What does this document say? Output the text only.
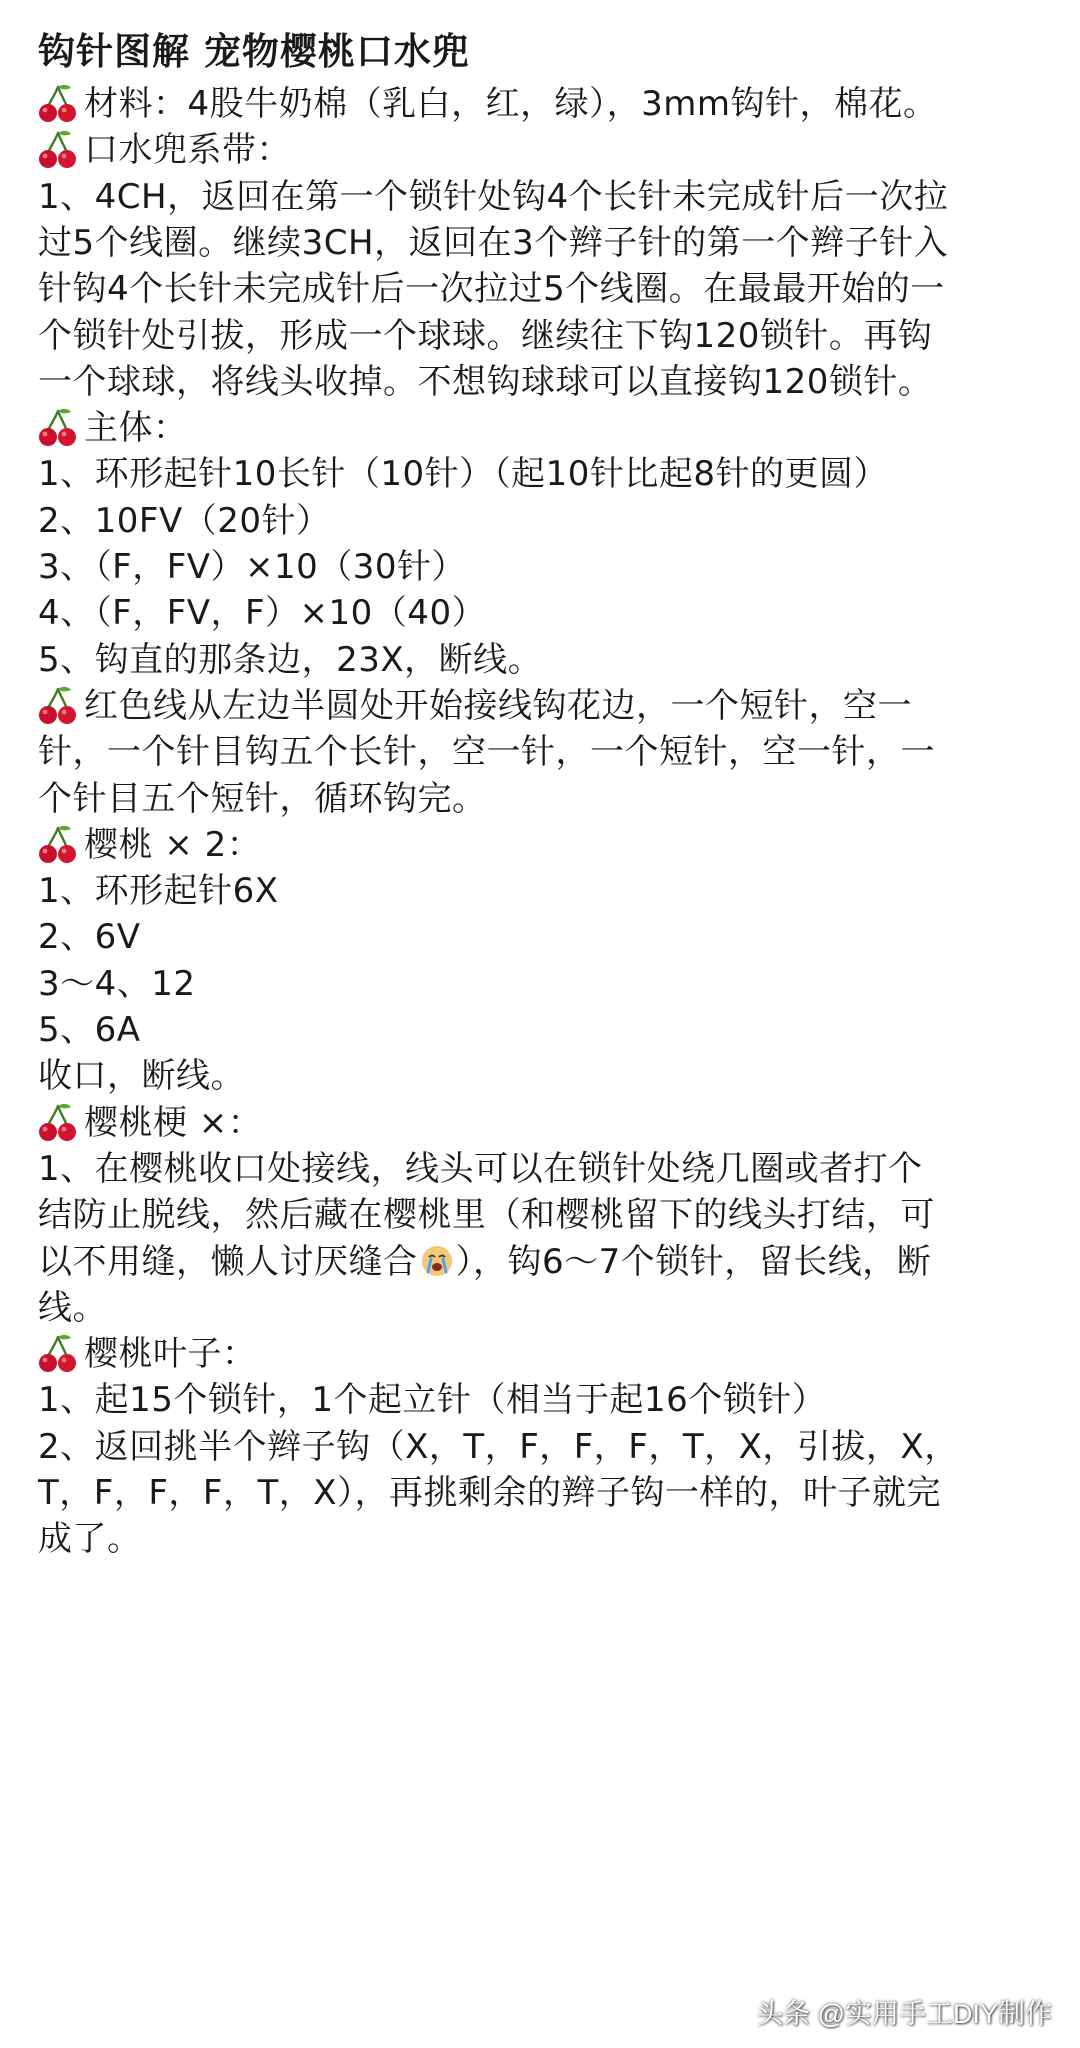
钩针图解 宠物樱桃口水兜
材料：4股牛奶棉（乳白，红，绿），3mm钩针，棉花。
口水兜系带：
1、4CH，返回在第一个锁针处钩4个长针未完成针后一次拉
过5个线圈。继续3CH，返回在3个辫子针的第一个辫子针入
针钩4个长针未完成针后一次拉过5个线圈。在最最开始的一
个锁针处引拔，形成一个球球。继续往下钩120锁针。再钩
一个球球，将线头收掉。不想钩球球可以直接钩120锁针。
主体：
1、环形起针10长针（10针）（起10针比起8针的更圆）
2、10FV（20针）
3、（F，FV）×10（30针）
4、（F，FV，F）×10（40）
5、钩直的那条边，23X，断线。
红色线从左边半圆处开始接线钩花边，一个短针，空一
针，一个针目钩五个长针，空一针，一个短针，空一针，一
个针目五个短针，循环钩完。
樱桃 × 2：
1、环形起针6X
2、6V
3～4、12
5、6A
收口，断线。
樱桃梗 ×：
1、在樱桃收口处接线，线头可以在锁针处绕几圈或者打个
结防止脱线，然后藏在樱桃里（和樱桃留下的线头打结，可
以不用缝，懒人讨厌缝合 ），钩6～7个锁针，留长线，断
线。
樱桃叶子：
1、起15个锁针，1个起立针（相当于起16个锁针）
2、返回挑半个辫子钩（X，T，F，F，F，T，X，引拔，X，
T，F，F，F，T，X），再挑剩余的辫子钩一样的，叶子就完
成了。
头条 @实用手工DIY制作
